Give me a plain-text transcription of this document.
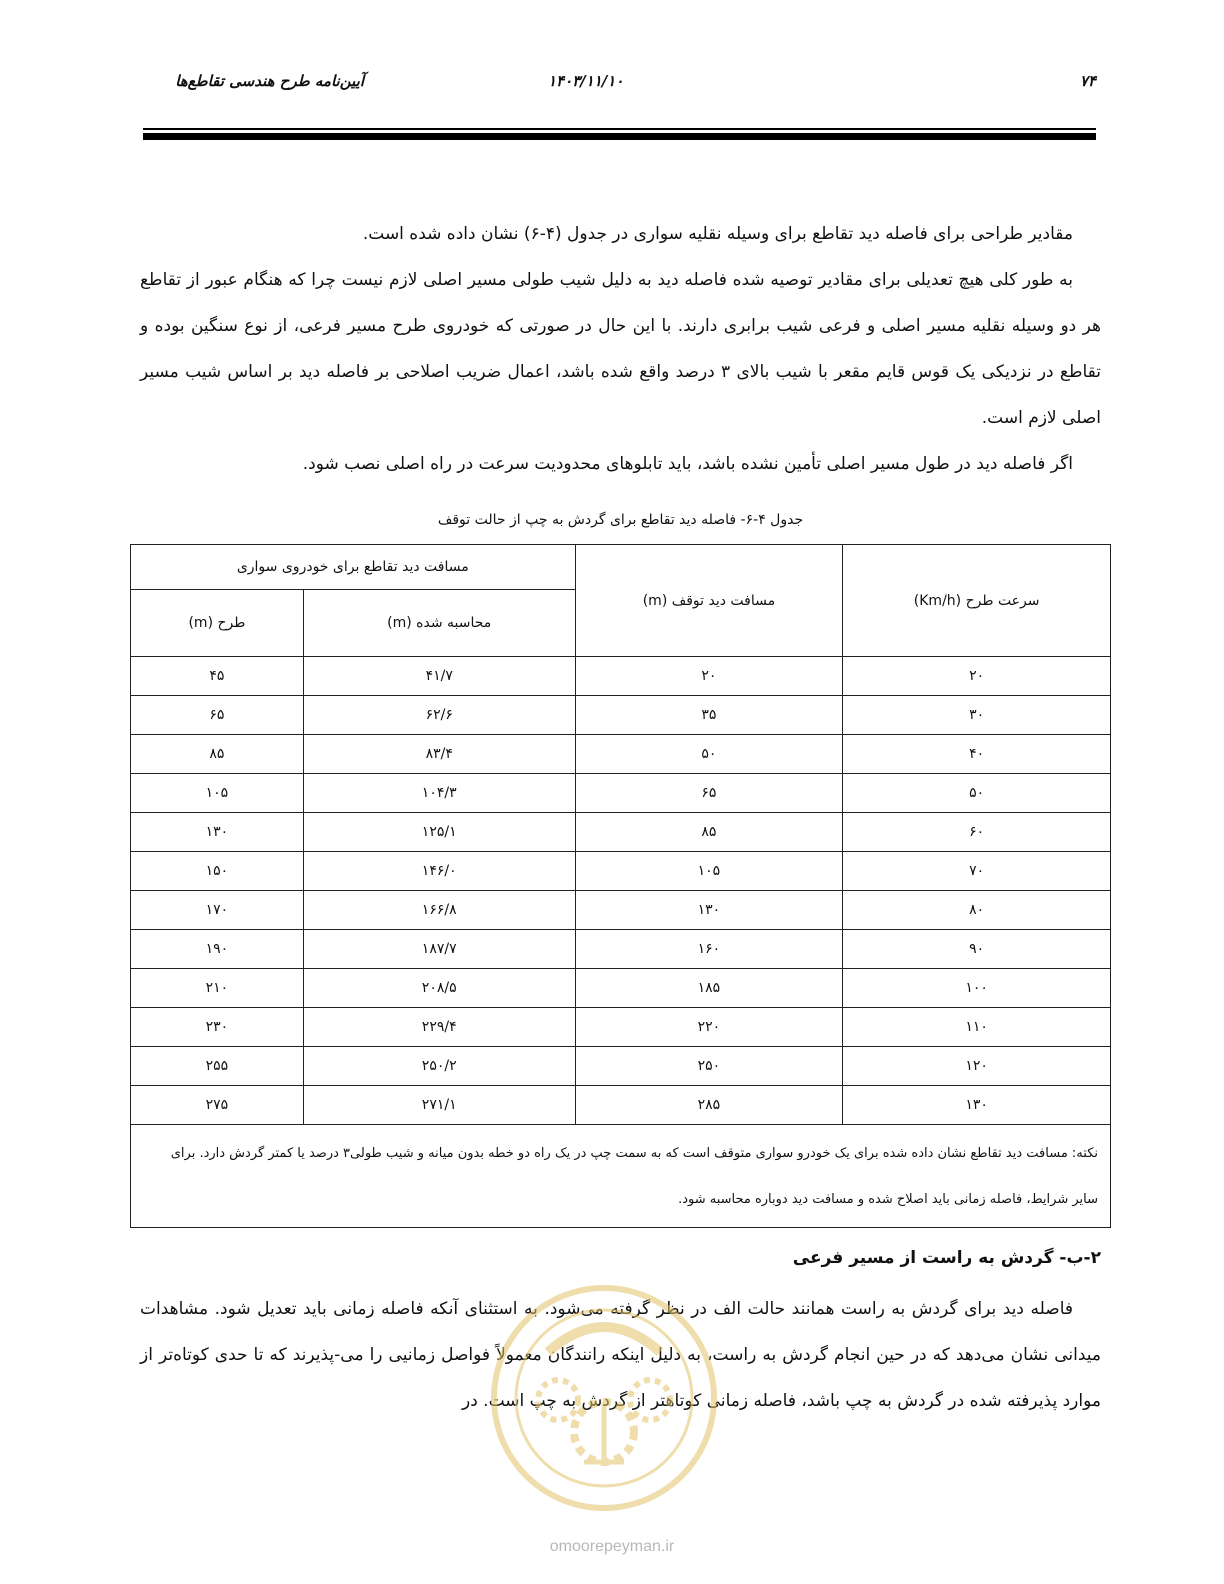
آیین‌نامه طرح هندسی تقاطع‌ها	۱۴۰۳/۱۱/۱۰	۷۴

مقادیر طراحی برای فاصله دید تقاطع برای وسیله نقلیه سواری در جدول (۴-۶) نشان داده شده است.

به طور کلی هیچ تعدیلی برای مقادیر توصیه شده فاصله دید به دلیل شیب طولی مسیر اصلی لازم نیست چرا که هنگام عبور از تقاطع هر دو وسیله نقلیه مسیر اصلی و فرعی شیب برابری دارند. با این حال در صورتی که خودروی طرح مسیر فرعی، از نوع سنگین بوده و تقاطع در نزدیکی یک قوس قایم مقعر با شیب بالای ۳ درصد واقع شده باشد، اعمال ضریب اصلاحی بر فاصله دید بر اساس شیب مسیر اصلی لازم است.

اگر فاصله دید در طول مسیر اصلی تأمین نشده باشد، باید تابلوهای محدودیت سرعت در راه اصلی نصب شود.

جدول ۴-۶- فاصله دید تقاطع برای گردش به چپ از حالت توقف
سرعت طرح (Km/h)	مسافت دید توقف (m)	مسافت دید تقاطع برای خودروی سواری	
		محاسبه شده (m)	طرح (m)
۲۰	۲۰	۴۱/۷	۴۵
۳۰	۳۵	۶۲/۶	۶۵
۴۰	۵۰	۸۳/۴	۸۵
۵۰	۶۵	۱۰۴/۳	۱۰۵
۶۰	۸۵	۱۲۵/۱	۱۳۰
۷۰	۱۰۵	۱۴۶/۰	۱۵۰
۸۰	۱۳۰	۱۶۶/۸	۱۷۰
۹۰	۱۶۰	۱۸۷/۷	۱۹۰
۱۰۰	۱۸۵	۲۰۸/۵	۲۱۰
۱۱۰	۲۲۰	۲۲۹/۴	۲۳۰
۱۲۰	۲۵۰	۲۵۰/۲	۲۵۵
۱۳۰	۲۸۵	۲۷۱/۱	۲۷۵
نکته: مسافت دید تقاطع نشان داده شده برای یک خودرو سواری متوقف است که به سمت چپ در یک راه دو خطه بدون میانه و شیب طولی۳ درصد یا کمتر گردش دارد. برای سایر شرایط، فاصله زمانی باید اصلاح شده و مسافت دید دوباره محاسبه شود.			
۲-ب- گردش به راست از مسیر فرعی

فاصله دید برای گردش به راست همانند حالت الف در نظر گرفته می‌شود. به استثنای آنکه فاصله زمانی باید تعدیل شود. مشاهدات میدانی نشان می‌دهد که در حین انجام گردش به راست، به دلیل اینکه رانندگان معمولاً فواصل زمانیی را می-پذیرند که تا حدی کوتاه‌تر از موارد پذیرفته شده در گردش به چپ باشد، فاصله زمانی کوتاهتر از گردش به چپ است. در

omoorepeyman.ir
